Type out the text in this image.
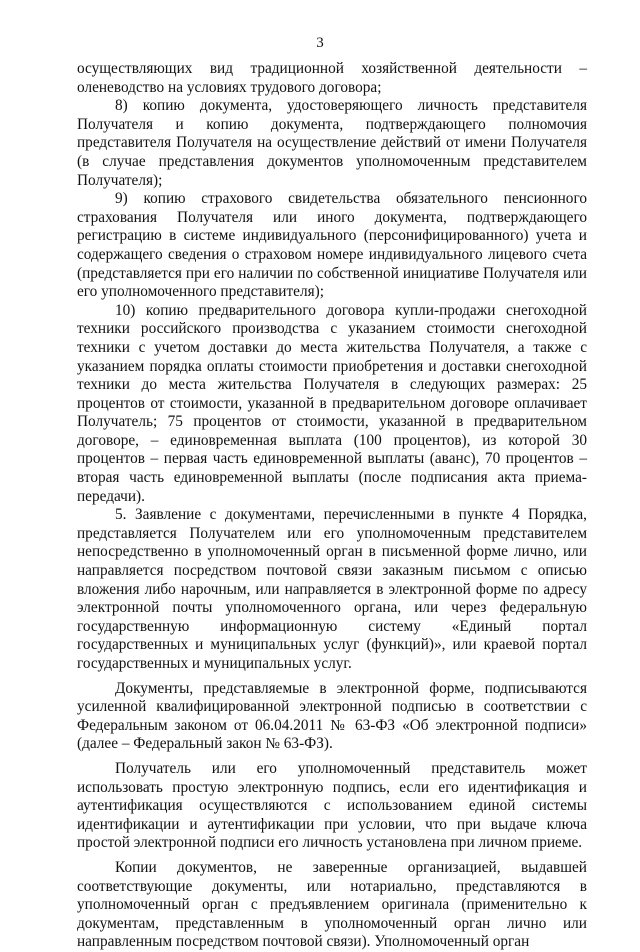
3

осуществляющих вид традиционной хозяйственной деятельности – оленеводство на условиях трудового договора;

8) копию документа, удостоверяющего личность представителя Получателя и копию документа, подтверждающего полномочия представителя Получателя на осуществление действий от имени Получателя (в случае представления документов уполномоченным представителем Получателя);

9) копию страхового свидетельства обязательного пенсионного страхования Получателя или иного документа, подтверждающего регистрацию в системе индивидуального (персонифицированного) учета и содержащего сведения о страховом номере индивидуального лицевого счета (представляется при его наличии по собственной инициативе Получателя или его уполномоченного представителя);

10) копию предварительного договора купли-продажи снегоходной техники российского производства с указанием стоимости снегоходной техники с учетом доставки до места жительства Получателя, а также с указанием порядка оплаты стоимости приобретения и доставки снегоходной техники до места жительства Получателя в следующих размерах: 25 процентов от стоимости, указанной в предварительном договоре оплачивает Получатель; 75 процентов от стоимости, указанной в предварительном договоре, – единовременная выплата (100 процентов), из которой 30 процентов – первая часть единовременной выплаты (аванс), 70 процентов – вторая часть единовременной выплаты (после подписания акта приема-передачи).

5. Заявление с документами, перечисленными в пункте 4 Порядка, представляется Получателем или его уполномоченным представителем непосредственно в уполномоченный орган в письменной форме лично, или направляется посредством почтовой связи заказным письмом с описью вложения либо нарочным, или направляется в электронной форме по адресу электронной почты уполномоченного органа, или через федеральную государственную информационную систему «Единый портал государственных и муниципальных услуг (функций)», или краевой портал государственных и муниципальных услуг.

Документы, представляемые в электронной форме, подписываются усиленной квалифицированной электронной подписью в соответствии с Федеральным законом от 06.04.2011 № 63-ФЗ «Об электронной подписи» (далее – Федеральный закон № 63-ФЗ).

Получатель или его уполномоченный представитель может использовать простую электронную подпись, если его идентификация и аутентификация осуществляются с использованием единой системы идентификации и аутентификации при условии, что при выдаче ключа простой электронной подписи его личность установлена при личном приеме.

Копии документов, не заверенные организацией, выдавшей соответствующие документы, или нотариально, представляются в уполномоченный орган с предъявлением оригинала (применительно к документам, представленным в уполномоченный орган лично или направленным посредством почтовой связи). Уполномоченный орган
